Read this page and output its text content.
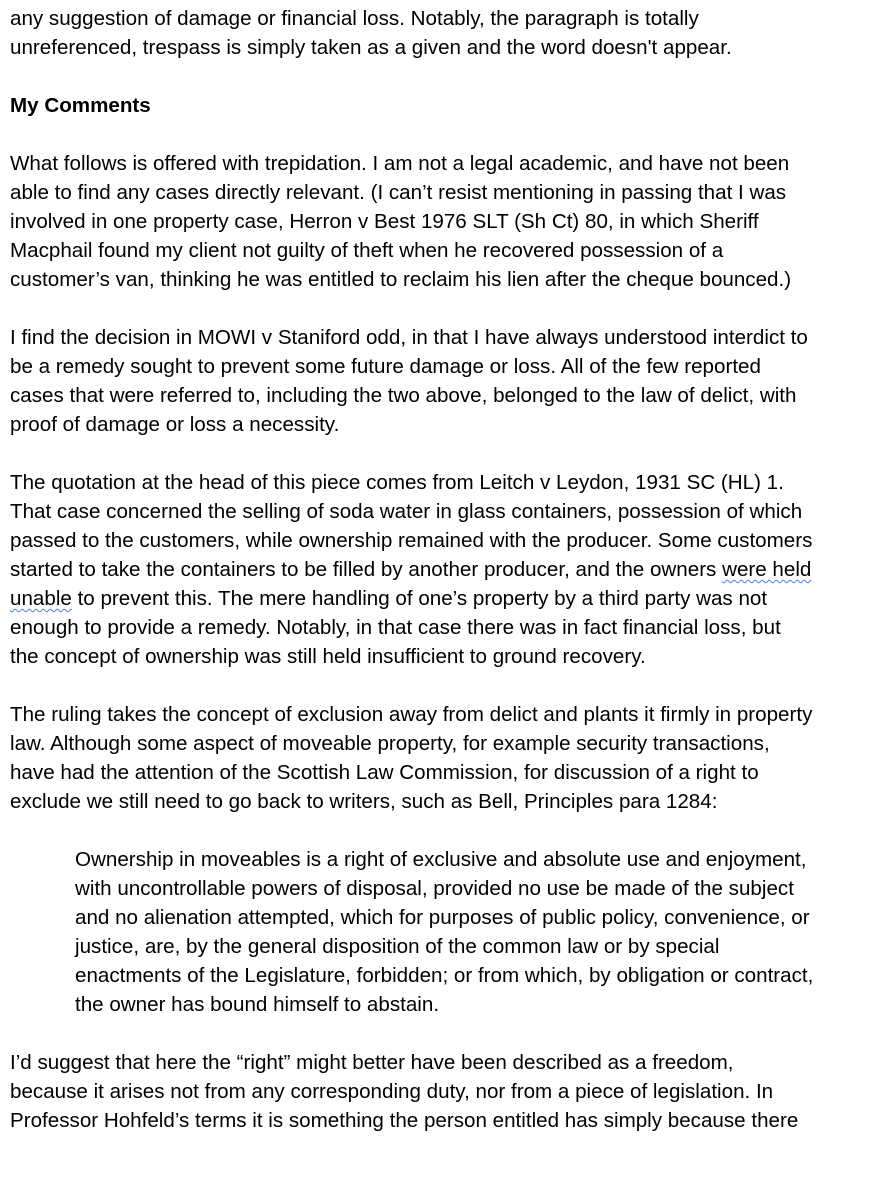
any suggestion of damage or financial loss. Notably, the paragraph is totally
unreferenced, trespass is simply taken as a given and the word doesn't appear.

My Comments

What follows is offered with trepidation. I am not a legal academic, and have not been
able to find any cases directly relevant. (I can’t resist mentioning in passing that I was
involved in one property case, Herron v Best 1976 SLT (Sh Ct) 80, in which Sheriff
Macphail found my client not guilty of theft when he recovered possession of a
customer’s van, thinking he was entitled to reclaim his lien after the cheque bounced.)

I find the decision in MOWI v Staniford odd, in that I have always understood interdict to
be a remedy sought to prevent some future damage or loss. All of the few reported
cases that were referred to, including the two above, belonged to the law of delict, with
proof of damage or loss a necessity.

The quotation at the head of this piece comes from Leitch v Leydon, 1931 SC (HL) 1.
That case concerned the selling of soda water in glass containers, possession of which
passed to the customers, while ownership remained with the producer. Some customers
started to take the containers to be filled by another producer, and the owners were held
unable to prevent this. The mere handling of one’s property by a third party was not
enough to provide a remedy. Notably, in that case there was in fact financial loss, but
the concept of ownership was still held insufficient to ground recovery.

The ruling takes the concept of exclusion away from delict and plants it firmly in property
law. Although some aspect of moveable property, for example security transactions,
have had the attention of the Scottish Law Commission, for discussion of a right to
exclude we still need to go back to writers, such as Bell, Principles para 1284:

Ownership in moveables is a right of exclusive and absolute use and enjoyment,
with uncontrollable powers of disposal, provided no use be made of the subject
and no alienation attempted, which for purposes of public policy, convenience, or
justice, are, by the general disposition of the common law or by special
enactments of the Legislature, forbidden; or from which, by obligation or contract,
the owner has bound himself to abstain.

I’d suggest that here the “right” might better have been described as a freedom,
because it arises not from any corresponding duty, nor from a piece of legislation. In
Professor Hohfeld’s terms it is something the person entitled has simply because there
